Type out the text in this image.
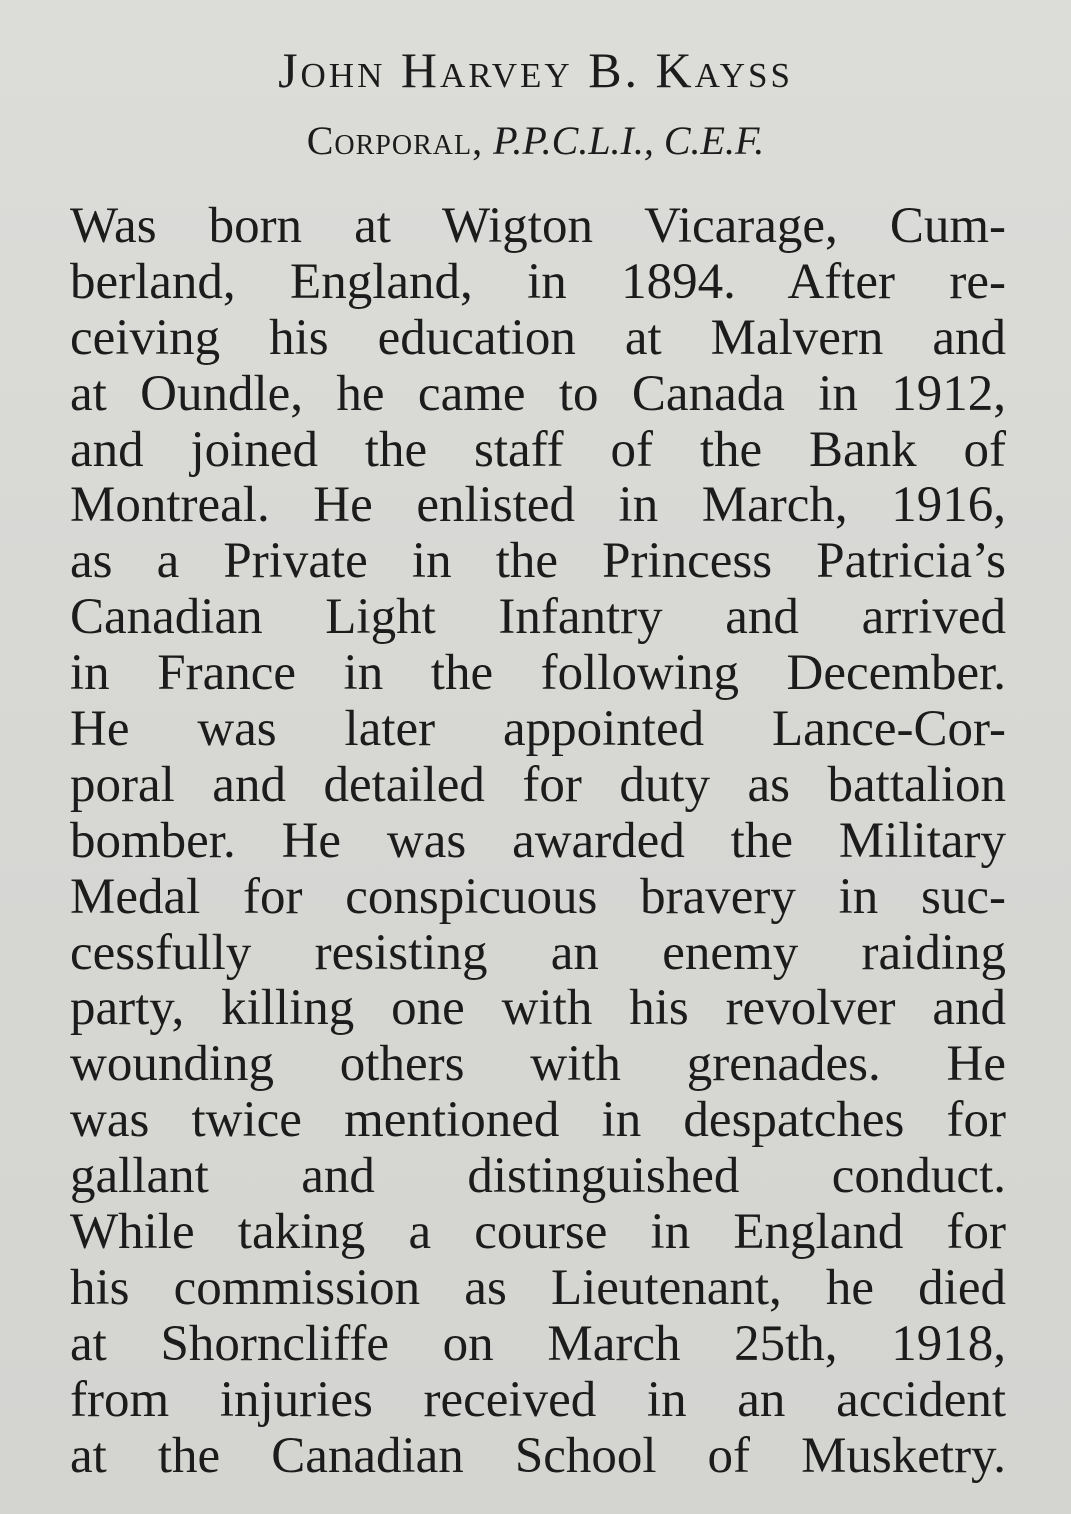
John Harvey B. Kayss
Corporal, P.P.C.L.I., C.E.F.
Was born at Wigton Vicarage, Cum-
berland, England, in 1894. After re-
ceiving his education at Malvern and
at Oundle, he came to Canada in 1912,
and joined the staff of the Bank of
Montreal. He enlisted in March, 1916,
as a Private in the Princess Patricia’s
Canadian Light Infantry and arrived
in France in the following December.
He was later appointed Lance-Cor-
poral and detailed for duty as battalion
bomber. He was awarded the Military
Medal for conspicuous bravery in suc-
cessfully resisting an enemy raiding
party, killing one with his revolver and
wounding others with grenades. He
was twice mentioned in despatches for
gallant and distinguished conduct.
While taking a course in England for
his commission as Lieutenant, he died
at Shorncliffe on March 25th, 1918,
from injuries received in an accident
at the Canadian School of Musketry.
